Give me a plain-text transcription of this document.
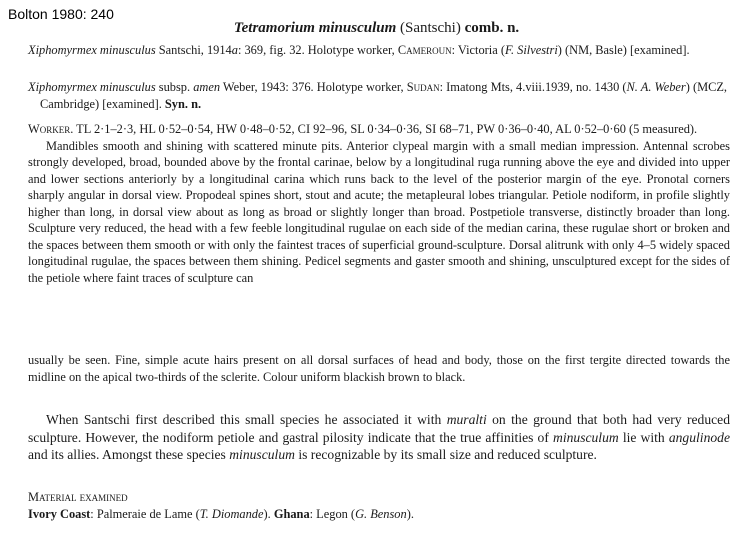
Bolton 1980: 240
Tetramorium minusculum (Santschi) comb. n.
Xiphomyrmex minusculus Santschi, 1914a: 369, fig. 32. Holotype worker, Cameroun: Victoria (F. Silvestri) (NM, Basle) [examined].
Xiphomyrmex minusculus subsp. amen Weber, 1943: 376. Holotype worker, Sudan: Imatong Mts, 4.viii.1939, no. 1430 (N. A. Weber) (MCZ, Cambridge) [examined]. Syn. n.
Worker. TL 2·1–2·3, HL 0·52–0·54, HW 0·48–0·52, CI 92–96, SL 0·34–0·36, SI 68–71, PW 0·36–0·40, AL 0·52–0·60 (5 measured).
Mandibles smooth and shining with scattered minute pits. Anterior clypeal margin with a small median impression. Antennal scrobes strongly developed, broad, bounded above by the frontal carinae, below by a longitudinal ruga running above the eye and divided into upper and lower sections anteriorly by a longitudinal carina which runs back to the level of the posterior margin of the eye. Pronotal corners sharply angular in dorsal view. Propodeal spines short, stout and acute; the metapleural lobes triangular. Petiole nodiform, in profile slightly higher than long, in dorsal view about as long as broad or slightly longer than broad. Postpetiole transverse, distinctly broader than long. Sculpture very reduced, the head with a few feeble longitudinal rugulae on each side of the median carina, these rugulae short or broken and the spaces between them smooth or with only the faintest traces of superficial ground-sculpture. Dorsal alitrunk with only 4–5 widely spaced longitudinal rugulae, the spaces between them shining. Pedicel segments and gaster smooth and shining, unsculptured except for the sides of the petiole where faint traces of sculpture can
usually be seen. Fine, simple acute hairs present on all dorsal surfaces of head and body, those on the first tergite directed towards the midline on the apical two-thirds of the sclerite. Colour uniform blackish brown to black.
When Santschi first described this small species he associated it with muralti on the ground that both had very reduced sculpture. However, the nodiform petiole and gastral pilosity indicate that the true affinities of minusculum lie with angulinode and its allies. Amongst these species minusculum is recognizable by its small size and reduced sculpture.
Material examined
Ivory Coast: Palmeraie de Lame (T. Diomande). Ghana: Legon (G. Benson).
